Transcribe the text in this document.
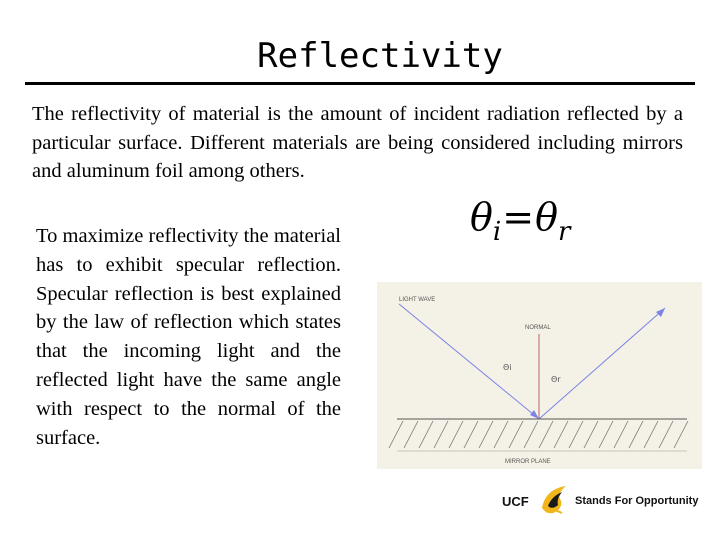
Reflectivity
The reflectivity of material is the amount of incident radiation reflected by a particular surface. Different materials are being considered including mirrors and aluminum foil among others.
To maximize reflectivity the material has to exhibit specular reflection. Specular reflection is best explained by the law of reflection which states that the incoming light and the reflected light have the same angle with respect to the normal of the surface.
$\theta_i=\theta_r$
LIGHT WAVE
NORMAL
Θi
Θr
MIRROR PLANE
UCF	Stands For Opportunity
